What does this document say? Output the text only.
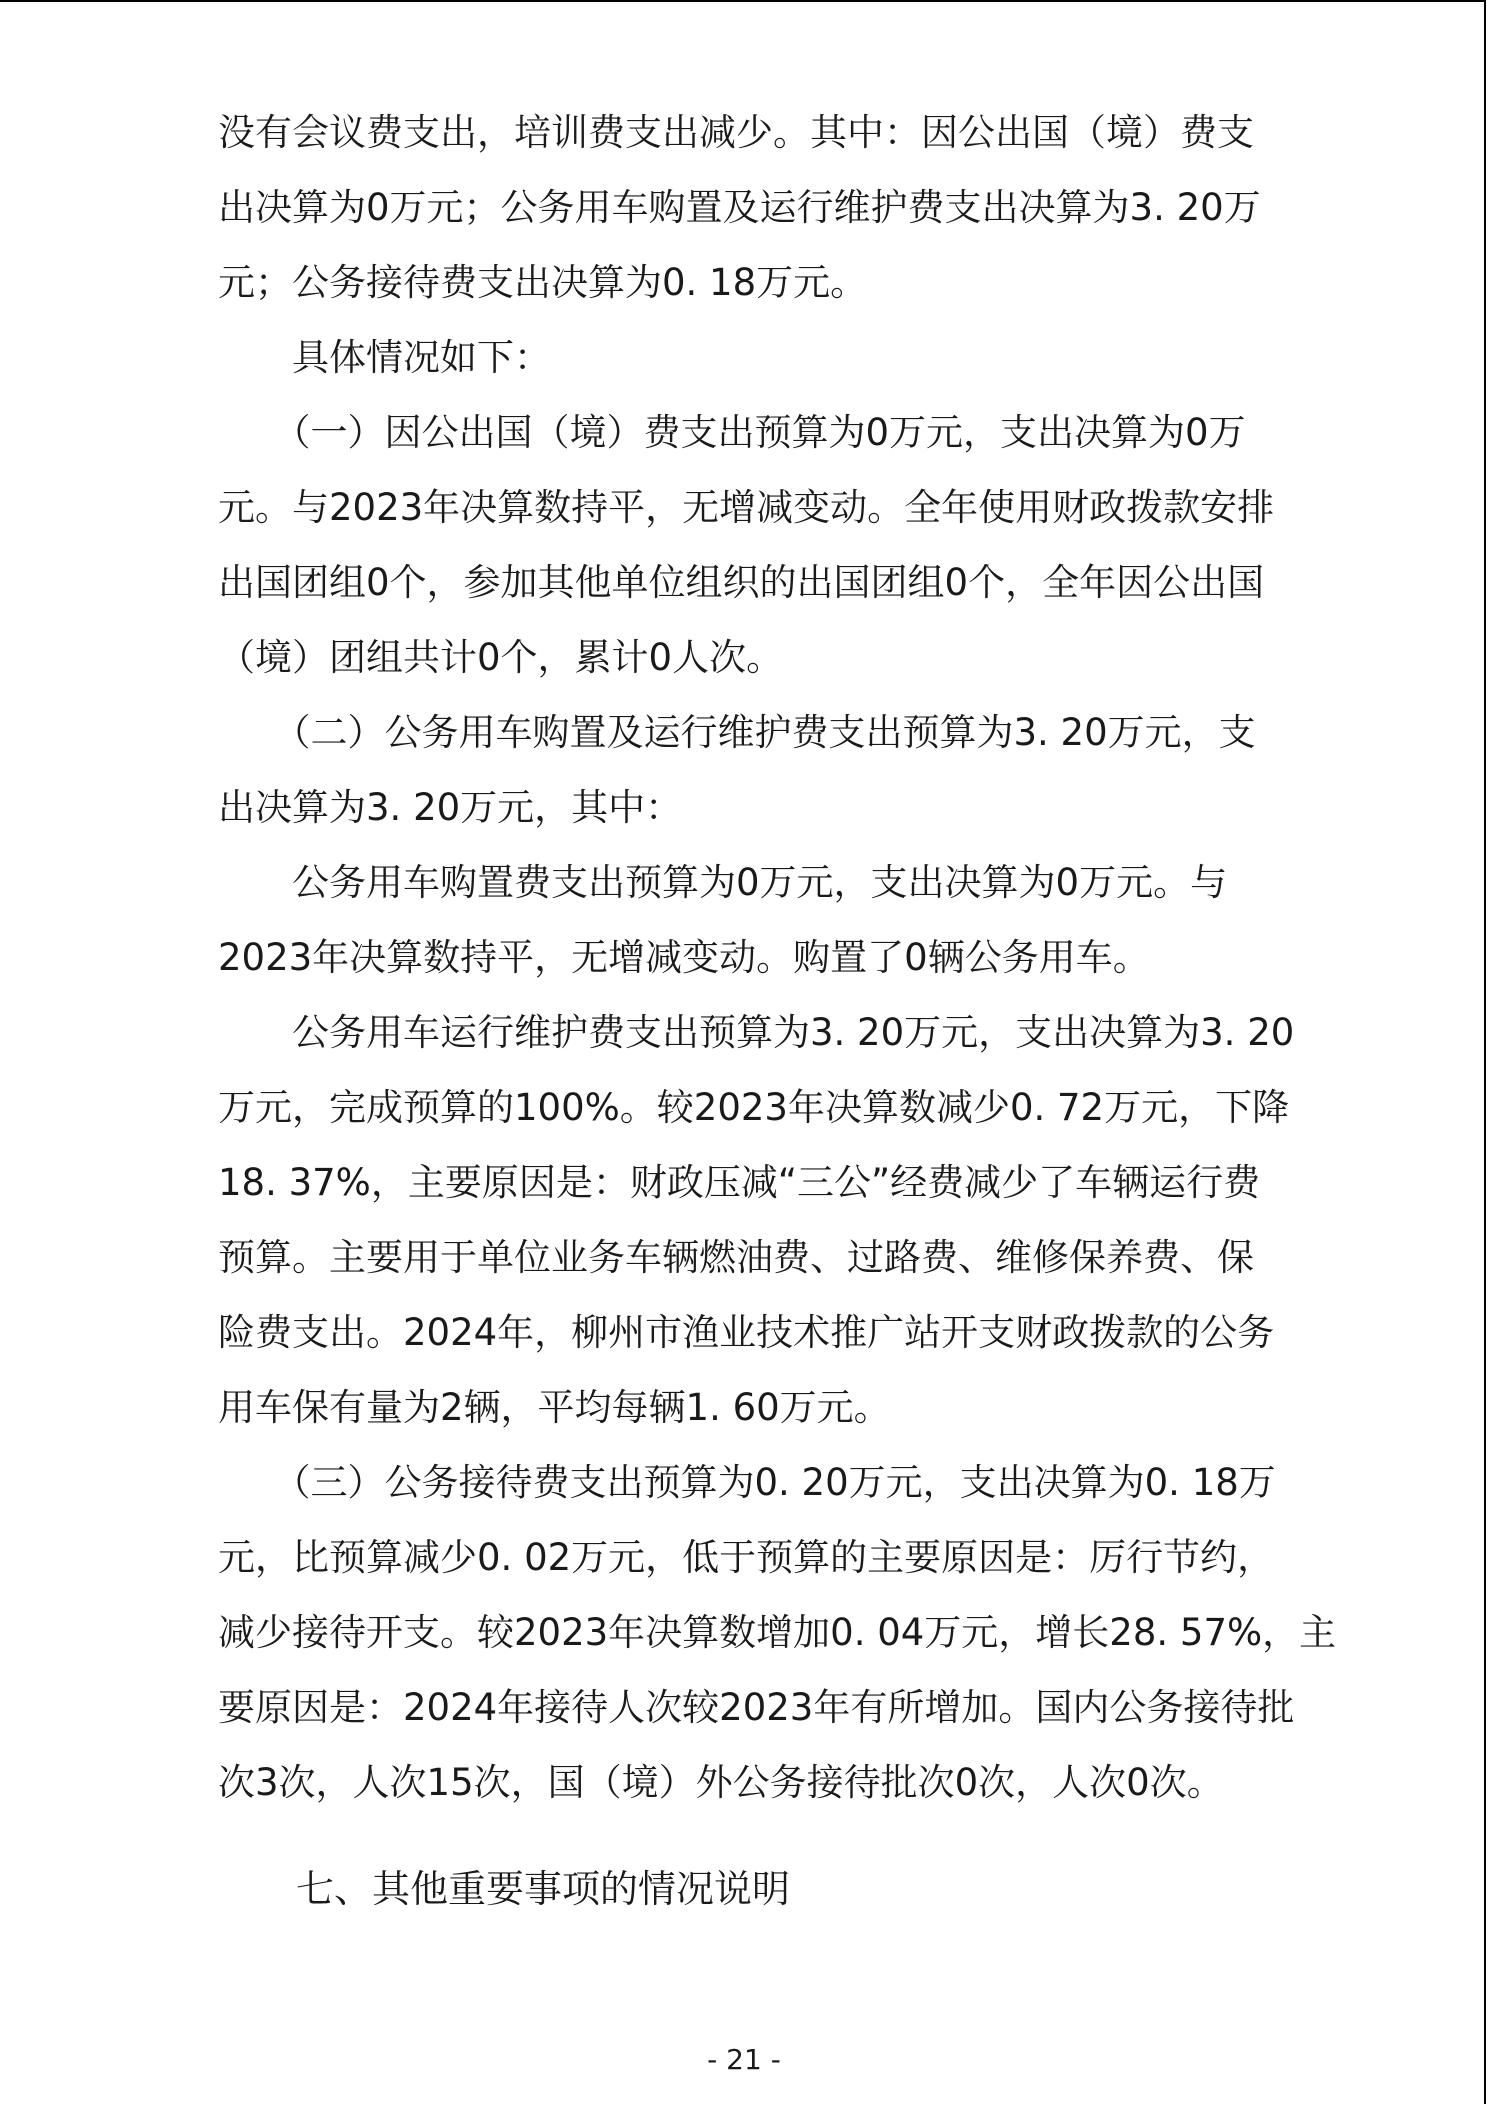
没有会议费支出，培训费支出减少。其中：因公出国（境）费支
出决算为0万元；公务用车购置及运行维护费支出决算为3. 20万
元；公务接待费支出决算为0. 18万元。
　　具体情况如下：
　　（一）因公出国（境）费支出预算为0万元，支出决算为0万
元。与2023年决算数持平，无增减变动。全年使用财政拨款安排
出国团组0个，参加其他单位组织的出国团组0个，全年因公出国
（境）团组共计0个，累计0人次。
　　（二）公务用车购置及运行维护费支出预算为3. 20万元，支
出决算为3. 20万元，其中：
　　公务用车购置费支出预算为0万元，支出决算为0万元。与
2023年决算数持平，无增减变动。购置了0辆公务用车。
　　公务用车运行维护费支出预算为3. 20万元，支出决算为3. 20
万元，完成预算的100%。较2023年决算数减少0. 72万元，下降
18. 37%，主要原因是：财政压减“三公”经费减少了车辆运行费
预算。主要用于单位业务车辆燃油费、过路费、维修保养费、保
险费支出。2024年，柳州市渔业技术推广站开支财政拨款的公务
用车保有量为2辆，平均每辆1. 60万元。
　　（三）公务接待费支出预算为0. 20万元，支出决算为0. 18万
元，比预算减少0. 02万元，低于预算的主要原因是：厉行节约，
减少接待开支。较2023年决算数增加0. 04万元，增长28. 57%，主
要原因是：2024年接待人次较2023年有所增加。国内公务接待批
次3次，人次15次，国（境）外公务接待批次0次，人次0次。
七、其他重要事项的情况说明
- 21 -
